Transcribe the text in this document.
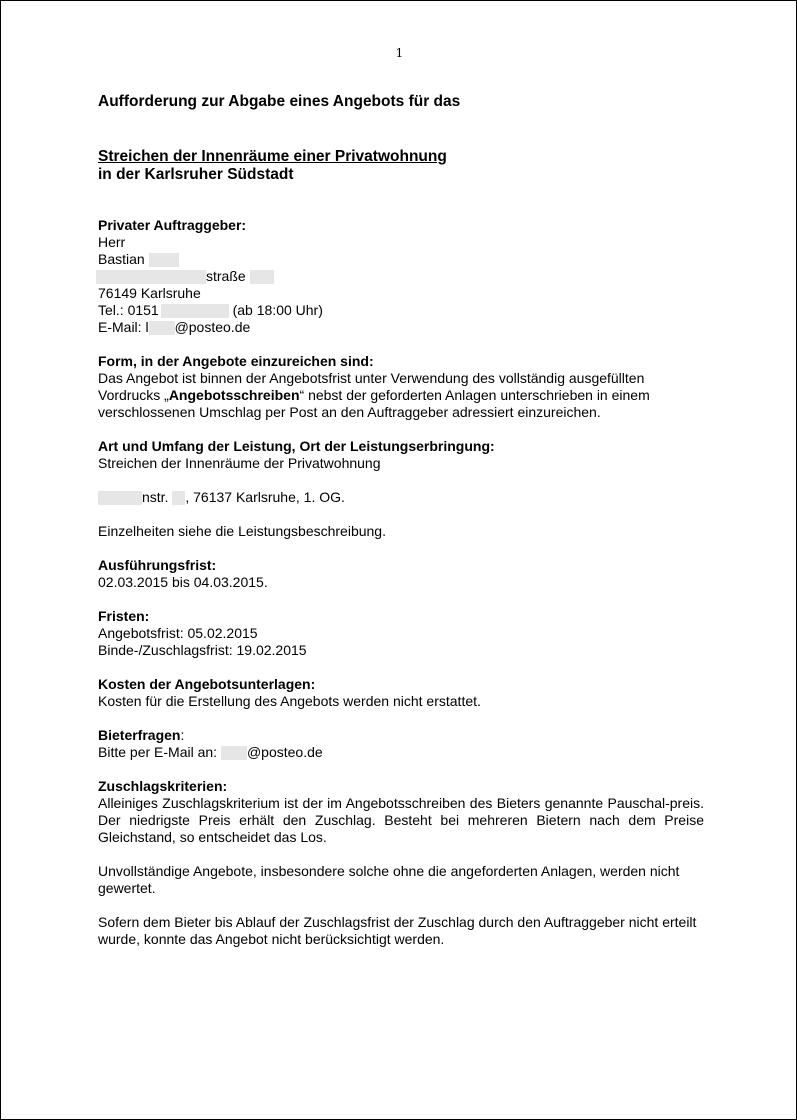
1
Aufforderung zur Abgabe eines Angebots für das
Streichen der Innenräume einer Privatwohnung
in der Karlsruher Südstadt
Privater Auftraggeber:
Herr
Bastian
straße
76149 Karlsruhe
Tel.: 0151	(ab 18:00 Uhr)
E-Mail: l @posteo.de
Form, in der Angebote einzureichen sind:
Das Angebot ist binnen der Angebotsfrist unter Verwendung des vollständig ausgefüllten
Vordrucks „Angebotsschreiben“ nebst der geforderten Anlagen unterschrieben in einem
verschlossenen Umschlag per Post an den Auftraggeber adressiert einzureichen.
Art und Umfang der Leistung, Ort der Leistungserbringung:
Streichen der Innenräume der Privatwohnung
nstr. , 76137 Karlsruhe, 1. OG.
Einzelheiten siehe die Leistungsbeschreibung.
Ausführungsfrist:
02.03.2015 bis 04.03.2015.
Fristen:
Angebotsfrist: 05.02.2015
Binde-/Zuschlagsfrist: 19.02.2015
Kosten der Angebotsunterlagen:
Kosten für die Erstellung des Angebots werden nicht erstattet.
Bieterfragen:
Bitte per E-Mail an: @posteo.de
Zuschlagskriterien:
Alleiniges Zuschlagskriterium ist der im Angebotsschreiben des Bieters genannte Pauschal-preis. Der niedrigste Preis erhält den Zuschlag. Besteht bei mehreren Bietern nach dem Preise Gleichstand, so entscheidet das Los.
Unvollständige Angebote, insbesondere solche ohne die angeforderten Anlagen, werden nicht gewertet.
Sofern dem Bieter bis Ablauf der Zuschlagsfrist der Zuschlag durch den Auftraggeber nicht erteilt wurde, konnte das Angebot nicht berücksichtigt werden.
